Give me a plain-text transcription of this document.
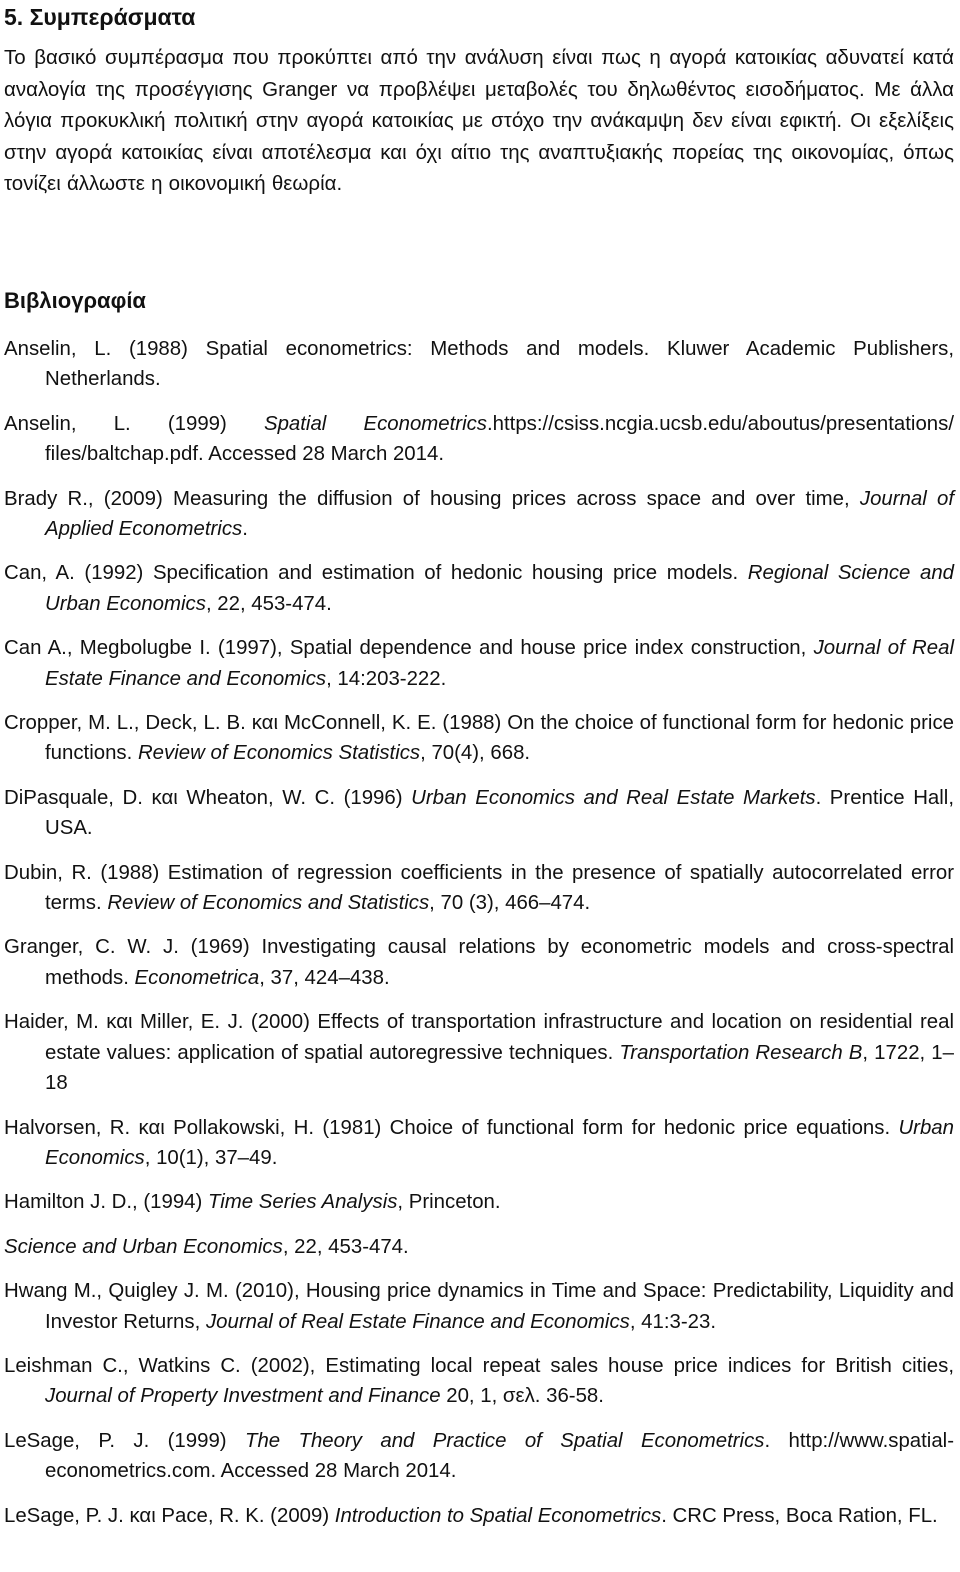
5. Συμπεράσματα

Το βασικό συμπέρασμα που προκύπτει από την ανάλυση είναι πως η αγορά κατοικίας αδυνατεί κατά αναλογία της προσέγγισης Granger να προβλέψει μεταβολές του δηλωθέντος εισοδήματος. Με άλλα λόγια προκυκλική πολιτική στην αγορά κατοικίας με στόχο την ανάκαμψη δεν είναι εφικτή. Οι εξελίξεις στην αγορά κατοικίας είναι αποτέλεσμα και όχι αίτιο της αναπτυξιακής πορείας της οικονομίας, όπως τονίζει άλλωστε η οικονομική θεωρία.

Βιβλιογραφία

Anselin, L. (1988) Spatial econometrics: Methods and models. Kluwer Academic Publishers, Netherlands.

Anselin, L. (1999) Spatial Econometrics.https://csiss.ncgia.ucsb.edu/aboutus/presentations/ files/baltchap.pdf. Accessed 28 March 2014.

Brady R., (2009) Measuring the diffusion of housing prices across space and over time, Journal of Applied Econometrics.

Can, A. (1992) Specification and estimation of hedonic housing price models. Regional Science and Urban Economics, 22, 453-474.

Can A., Megbolugbe I. (1997), Spatial dependence and house price index construction, Journal of Real Estate Finance and Economics, 14:203-222.

Cropper, M. L., Deck, L. B. και McConnell, K. E. (1988) On the choice of functional form for hedonic price functions. Review of Economics Statistics, 70(4), 668.

DiPasquale, D. και Wheaton, W. C. (1996) Urban Economics and Real Estate Markets. Prentice Hall, USA.

Dubin, R. (1988) Estimation of regression coefficients in the presence of spatially autocorrelated error terms. Review of Economics and Statistics, 70 (3), 466–474.

Granger, C. W. J. (1969) Investigating causal relations by econometric models and cross-spectral methods. Econometrica, 37, 424–438.

Haider, M. και Miller, E. J. (2000) Effects of transportation infrastructure and location on residential real estate values: application of spatial autoregressive techniques. Transportation Research B, 1722, 1–18

Halvorsen, R. και Pollakowski, H. (1981) Choice of functional form for hedonic price equations. Urban Economics, 10(1), 37–49.

Hamilton J. D., (1994) Time Series Analysis, Princeton.

Science and Urban Economics, 22, 453-474.

Hwang M., Quigley J. M. (2010), Housing price dynamics in Time and Space: Predictability, Liquidity and Investor Returns, Journal of Real Estate Finance and Economics, 41:3-23.

Leishman C., Watkins C. (2002), Estimating local repeat sales house price indices for British cities, Journal of Property Investment and Finance 20, 1, σελ. 36-58.

LeSage, P. J. (1999) The Theory and Practice of Spatial Econometrics. http://www.spatial-econometrics.com. Accessed 28 March 2014.

LeSage, P. J. και Pace, R. K. (2009) Introduction to Spatial Econometrics. CRC Press, Boca Ration, FL.
